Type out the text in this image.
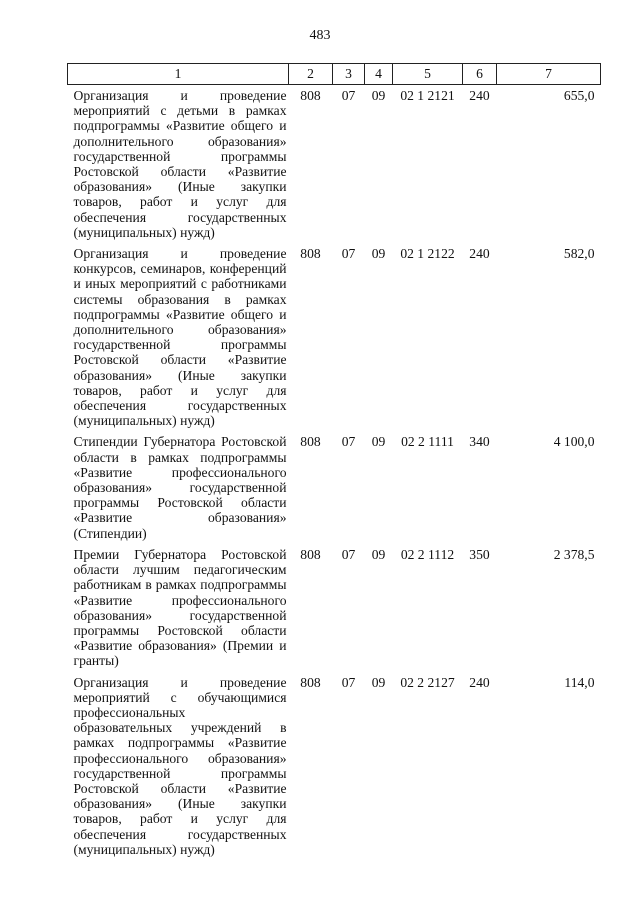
483
1	2	3	4	5	6	7
Организация и проведение мероприятий с детьми в рамках подпрограммы «Развитие общего и дополнительного образования» государственной программы Ростовской области «Развитие образования» (Иные закупки товаров, работ и услуг для обеспечения государственных (муниципальных) нужд)	808	07	09	02 1 2121	240	655,0
Организация и проведение конкурсов, семинаров, конференций и иных мероприятий с работниками системы образования в рамках подпрограммы «Развитие общего и дополнительного образования» государственной программы Ростовской области «Развитие образования» (Иные закупки товаров, работ и услуг для обеспечения государственных (муниципальных) нужд)	808	07	09	02 1 2122	240	582,0
Стипендии Губернатора Ростовской области в рамках подпрограммы «Развитие профессионального образования» государственной программы Ростовской области «Развитие образования» (Стипендии)	808	07	09	02 2 1111	340	4 100,0
Премии Губернатора Ростовской области лучшим педагогическим работникам в рамках подпрограммы «Развитие профессионального образования» государственной программы Ростовской области «Развитие образования» (Премии и гранты)	808	07	09	02 2 1112	350	2 378,5
Организация и проведение мероприятий с обучающимися профессиональных образовательных учреждений в рамках подпрограммы «Развитие профессионального образования» государственной программы Ростовской области «Развитие образования» (Иные закупки товаров, работ и услуг для обеспечения государственных (муниципальных) нужд)	808	07	09	02 2 2127	240	114,0
